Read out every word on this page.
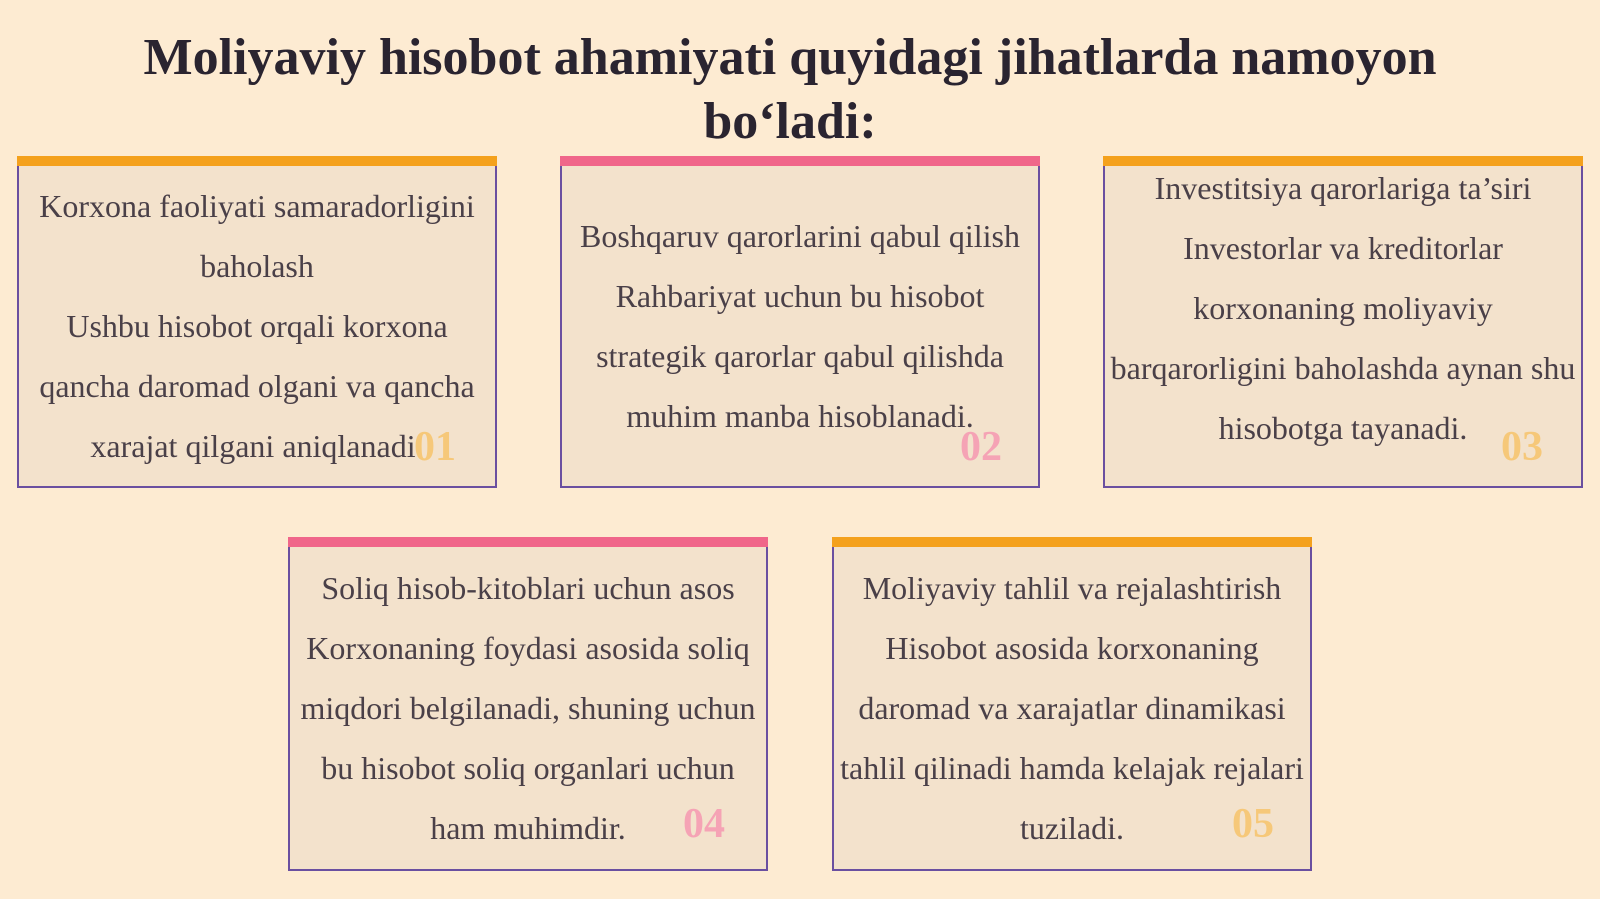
Moliyaviy hisobot ahamiyati quyidagi jihatlarda namoyon bo‘ladi:
Korxona faoliyati samaradorligini baholash
Ushbu hisobot orqali korxona qancha daromad olgani va qancha xarajat qilgani aniqlanadi.
01
Boshqaruv qarorlarini qabul qilish
Rahbariyat uchun bu hisobot strategik qarorlar qabul qilishda muhim manba hisoblanadi.
02
Investitsiya qarorlariga ta’siri
Investorlar va kreditorlar korxonaning moliyaviy barqarorligini baholashda aynan shu hisobotga tayanadi. 03
Soliq hisob-kitoblari uchun asos
Korxonaning foydasi asosida soliq miqdori belgilanadi, shuning uchun bu hisobot soliq organlari uchun ham muhimdir.	04
Moliyaviy tahlil va rejalashtirish
Hisobot asosida korxonaning daromad va xarajatlar dinamikasi tahlil qilinadi hamda kelajak rejalari tuziladi.	05
